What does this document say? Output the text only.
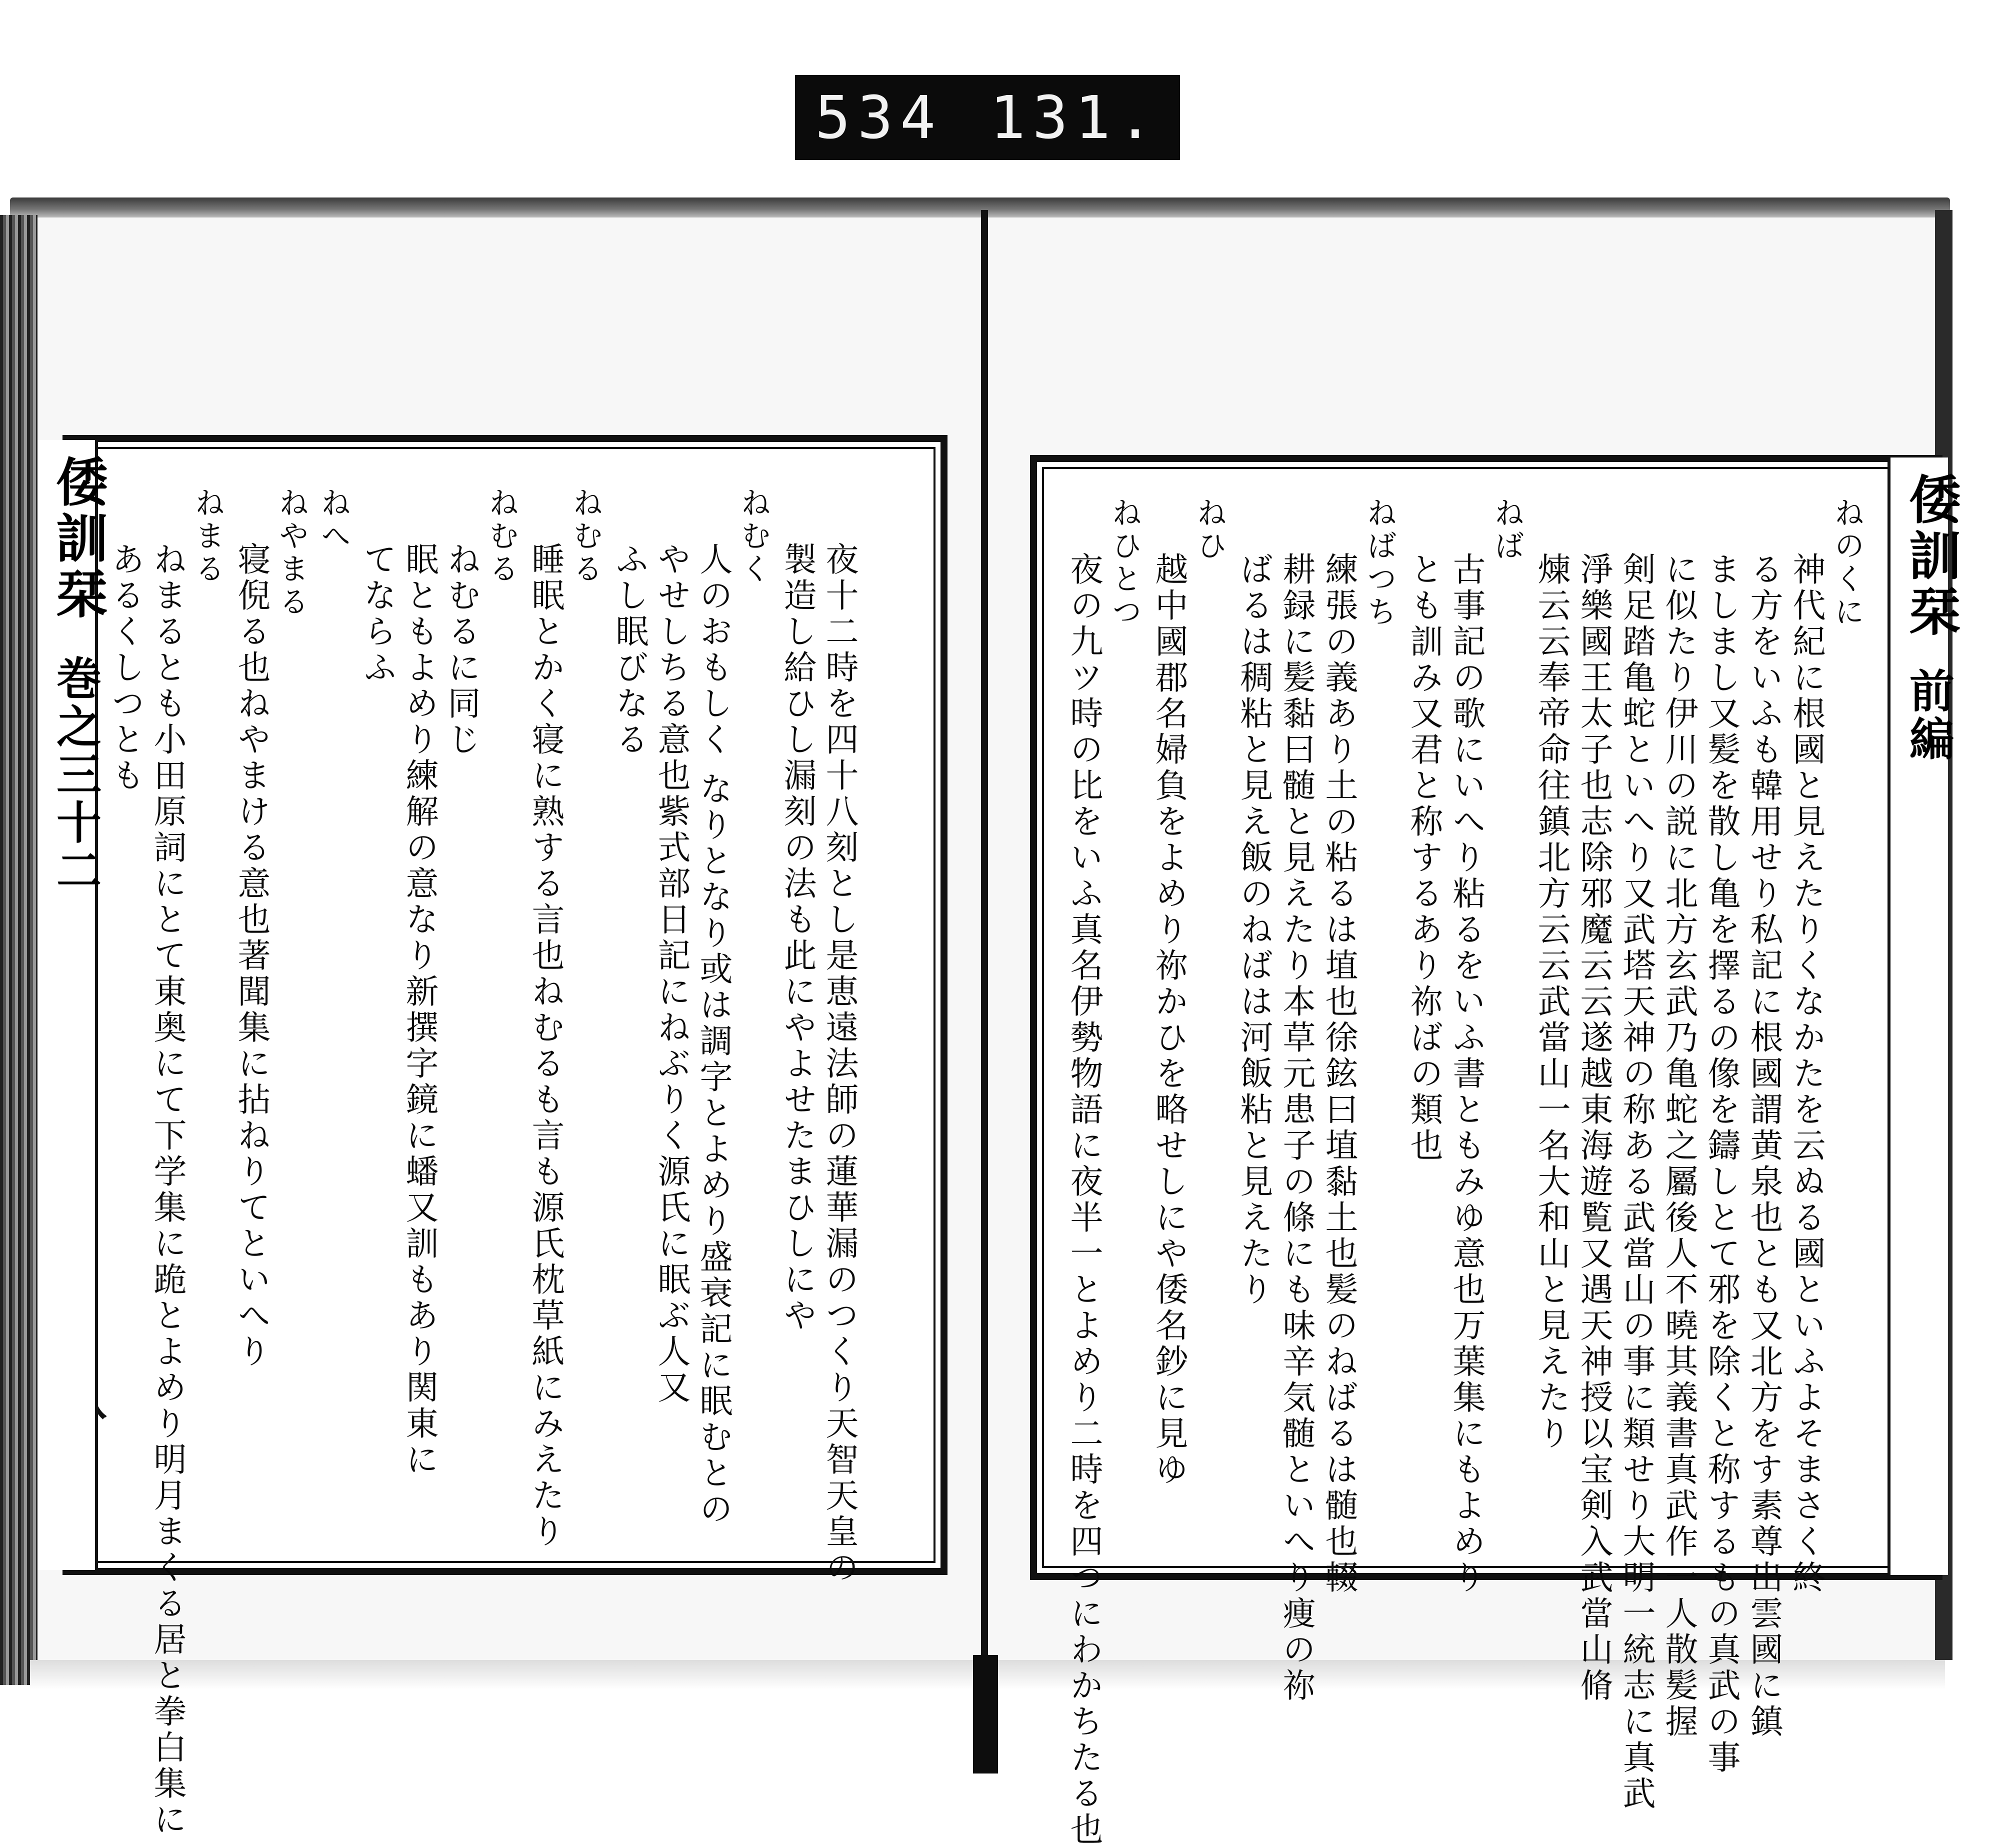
534 131.
夜十二時を四十八刻とし是恵遠法師の蓮華漏のつくり天智天皇の
製造し給ひし漏刻の法も此にやよせたまひしにや
ねむく
人のおもしく なりとなり或は調字とよめり盛衰記に眠むとの
やせしちる意也紫式部日記にねぶりく源氏に眠ぶ人又
ふし眠びなる
ねむる
睡眠とかく寝に熟する言也ねむるも言も源氏枕草紙にみえたり
ねむる
ねむるに同じ
眠ともよめり練解の意なり新撰字鏡に蟠又訓もあり関東に
てならふ
ねへ
ねやまる
寝倪る也ねやまける意也著聞集に拈ねりてといへり
ねまる
ねまるとも小田原詞にとて東奥にて下学集に跪とよめり明月まくる居と拳白集に
あるくしつとも
倭訓栞
巻之三十二
ねのくに
神代紀に根國と見えたりくなかたを云ぬる國といふよそまさく終
る方をいふも韓用せり私記に根國謂黄泉也とも又北方をす素尊出雲國に鎮
ましまし又髪を散し亀を擇るの像を鑄しとて邪を除くと称するもの真武の事
に似たり伊川の説に北方玄武乃亀蛇之屬後人不曉其義書真武作一人散髪握
剣足踏亀蛇といへり又武塔天神の称ある武當山の事に類せり大明一統志に真武
淨樂國王太子也志除邪魔云云遂越東海遊覧又遇天神授以宝剣入武當山脩
煉云云奉帝命往鎮北方云云武當山一名大和山と見えたり
ねば
古事記の歌にいへり粘るをいふ書ともみゆ意也万葉集にもよめり
とも訓み又君と称するあり祢ばの類也
ねばつち
練張の義あり土の粘るは埴也徐鉉曰埴黏土也髪のねばるは髄也輟
耕録に髪黏曰髄と見えたり本草元患子の條にも味辛気髄といへり痩の祢
ばるは稠粘と見え飯のねばは河飯粘と見えたり
ねひ
越中國郡名婦負をよめり祢かひを略せしにや倭名鈔に見ゆ
ねひとつ
夜の九ツ時の比をいふ真名伊勢物語に夜半一とよめり二時を四つにわかちたる也	倭訓栞
前編
